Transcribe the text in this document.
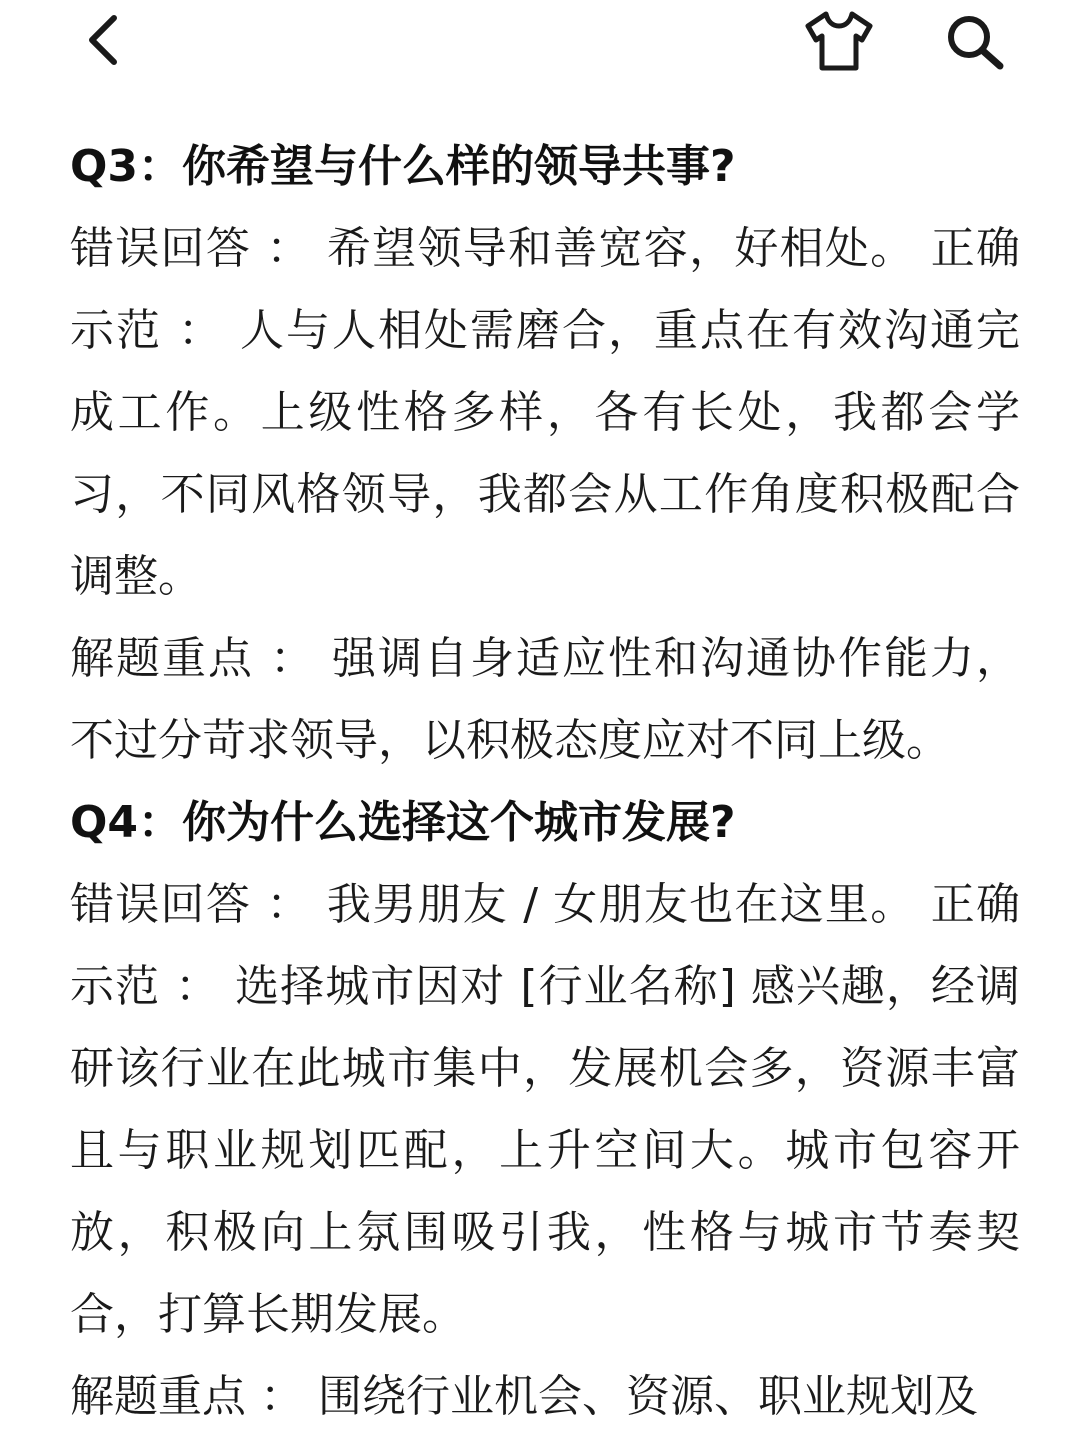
Q3：你希望与什么样的领导共事?

错误回答 ： 希望领导和善宽容，好相处。 正确示范 ： 人与人相处需磨合，重点在有效沟通完成工作。上级性格多样，各有长处，我都会学习，不同风格领导，我都会从工作角度积极配合调整。

解题重点 ： 强调自身适应性和沟通协作能力，不过分苛求领导，以积极态度应对不同上级。

Q4：你为什么选择这个城市发展?

错误回答 ： 我男朋友 / 女朋友也在这里。 正确示范 ： 选择城市因对 [行业名称] 感兴趣，经调研该行业在此城市集中，发展机会多，资源丰富且与职业规划匹配，上升空间大。城市包容开放，积极向上氛围吸引我，性格与城市节奏契合，打算长期发展。

解题重点 ： 围绕行业机会、资源、职业规划及
